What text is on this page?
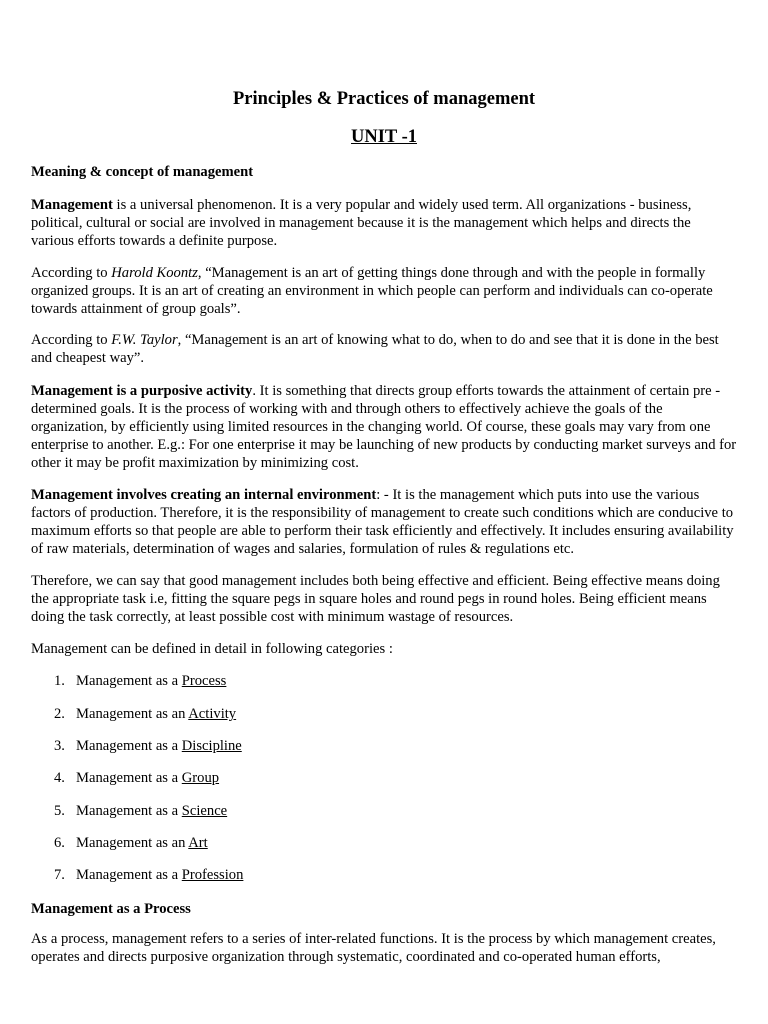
Principles & Practices of management
UNIT -1

Meaning & concept of management

Management is a universal phenomenon. It is a very popular and widely used term. All organizations - business, political, cultural or social are involved in management because it is the management which helps and directs the various efforts towards a definite purpose.

According to Harold Koontz, “Management is an art of getting things done through and with the people in formally organized groups. It is an art of creating an environment in which people can perform and individuals can co-operate towards attainment of group goals”.

According to F.W. Taylor, “Management is an art of knowing what to do, when to do and see that it is done in the best and cheapest way”.

Management is a purposive activity. It is something that directs group efforts towards the attainment of certain pre - determined goals. It is the process of working with and through others to effectively achieve the goals of the organization, by efficiently using limited resources in the changing world. Of course, these goals may vary from one enterprise to another. E.g.: For one enterprise it may be launching of new products by conducting market surveys and for other it may be profit maximization by minimizing cost.

Management involves creating an internal environment: - It is the management which puts into use the various factors of production. Therefore, it is the responsibility of management to create such conditions which are conducive to maximum efforts so that people are able to perform their task efficiently and effectively. It includes ensuring availability of raw materials, determination of wages and salaries, formulation of rules & regulations etc.

Therefore, we can say that good management includes both being effective and efficient. Being effective means doing the appropriate task i.e, fitting the square pegs in square holes and round pegs in round holes. Being efficient means doing the task correctly, at least possible cost with minimum wastage of resources.

Management can be defined in detail in following categories :

1. Management as a Process

2. Management as an Activity

3. Management as a Discipline

4. Management as a Group

5. Management as a Science

6. Management as an Art

7. Management as a Profession

Management as a Process

As a process, management refers to a series of inter-related functions. It is the process by which management creates, operates and directs purposive organization through systematic, coordinated and co-operated human efforts,
